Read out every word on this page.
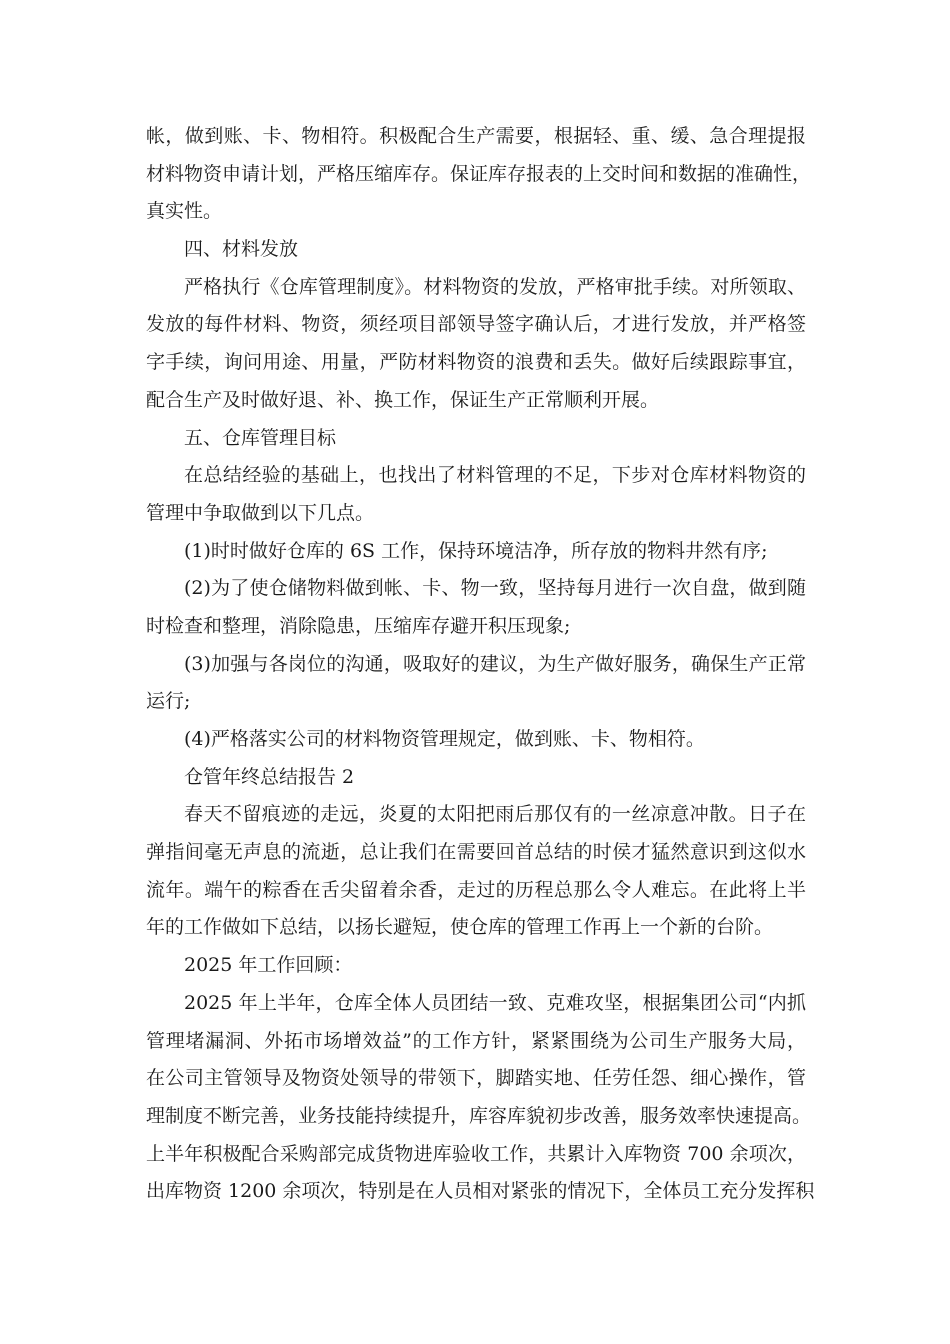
帐，做到账、卡、物相符。积极配合生产需要，根据轻、重、缓、急合理提报
材料物资申请计划，严格压缩库存。保证库存报表的上交时间和数据的准确性，
真实性。
四、材料发放
严格执行《仓库管理制度》。材料物资的发放，严格审批手续。对所领取、
发放的每件材料、物资，须经项目部领导签字确认后，才进行发放，并严格签
字手续，询问用途、用量，严防材料物资的浪费和丢失。做好后续跟踪事宜，
配合生产及时做好退、补、换工作，保证生产正常顺利开展。
五、仓库管理目标
在总结经验的基础上，也找出了材料管理的不足，下步对仓库材料物资的
管理中争取做到以下几点。
(1)时时做好仓库的 6S 工作，保持环境洁净，所存放的物料井然有序;
(2)为了使仓储物料做到帐、卡、物一致，坚持每月进行一次自盘，做到随
时检查和整理，消除隐患，压缩库存避开积压现象;
(3)加强与各岗位的沟通，吸取好的建议，为生产做好服务，确保生产正常
运行;
(4)严格落实公司的材料物资管理规定，做到账、卡、物相符。
仓管年终总结报告 2
春天不留痕迹的走远，炎夏的太阳把雨后那仅有的一丝凉意冲散。日子在
弹指间毫无声息的流逝，总让我们在需要回首总结的时侯才猛然意识到这似水
流年。端午的粽香在舌尖留着余香，走过的历程总那么令人难忘。在此将上半
年的工作做如下总结，以扬长避短，使仓库的管理工作再上一个新的台阶。
2025 年工作回顾：
2025 年上半年，仓库全体人员团结一致、克难攻坚，根据集团公司“内抓
管理堵漏洞、外拓市场增效益”的工作方针，紧紧围绕为公司生产服务大局，
在公司主管领导及物资处领导的带领下，脚踏实地、任劳任怨、细心操作，管
理制度不断完善，业务技能持续提升，库容库貌初步改善，服务效率快速提高。
上半年积极配合采购部完成货物进库验收工作，共累计入库物资 700 余项次，
出库物资 1200 余项次，特别是在人员相对紧张的情况下，全体员工充分发挥积
